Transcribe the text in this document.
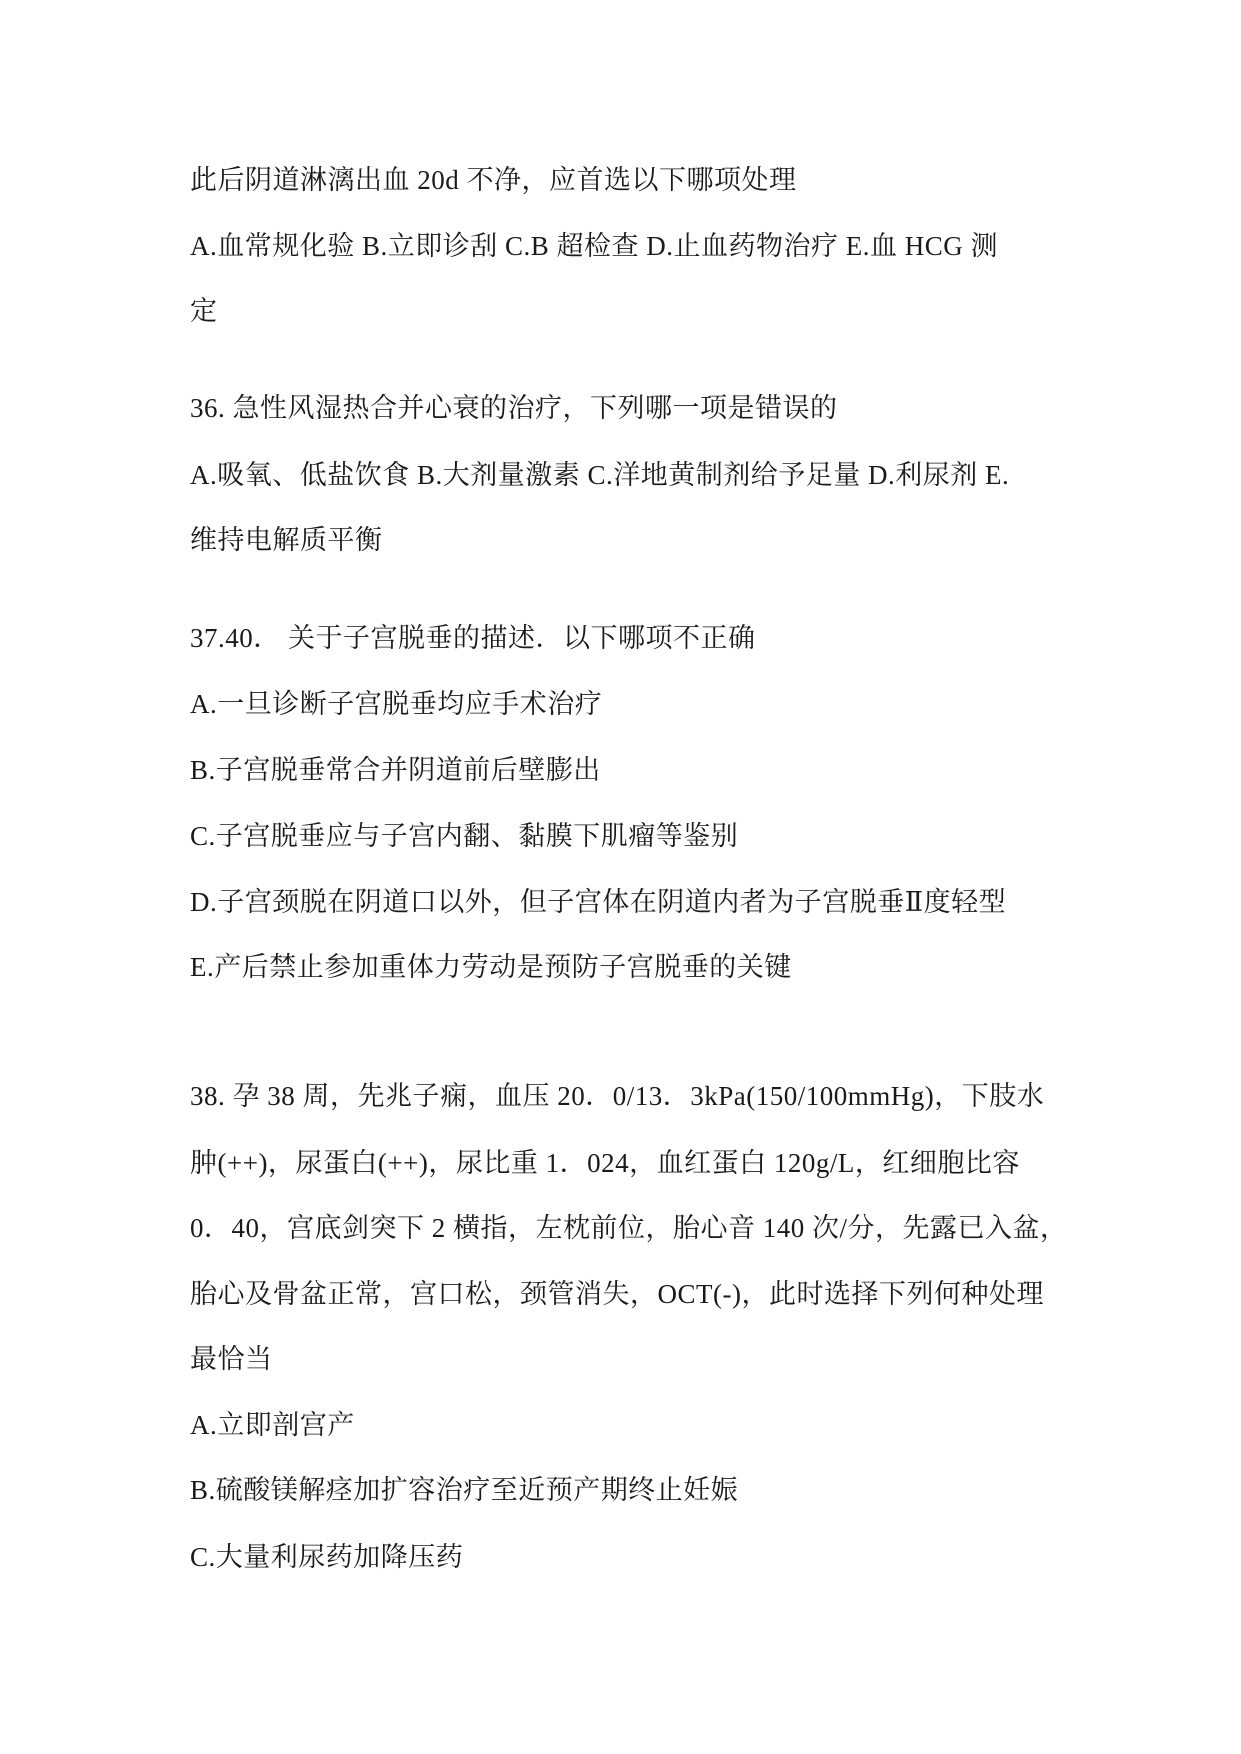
此后阴道淋漓出血 20d 不净，应首选以下哪项处理
A.血常规化验 B.立即诊刮 C.B 超检查 D.止血药物治疗 E.血 HCG 测
定
36. 急性风湿热合并心衰的治疗，下列哪一项是错误的
A.吸氧、低盐饮食 B.大剂量激素 C.洋地黄制剂给予足量 D.利尿剂 E.
维持电解质平衡
37.40． 关于子宫脱垂的描述．以下哪项不正确
A.一旦诊断子宫脱垂均应手术治疗
B.子宫脱垂常合并阴道前后壁膨出
C.子宫脱垂应与子宫内翻、黏膜下肌瘤等鉴别
D.子宫颈脱在阴道口以外，但子宫体在阴道内者为子宫脱垂Ⅱ度轻型
E.产后禁止参加重体力劳动是预防子宫脱垂的关键
38. 孕 38 周，先兆子痫，血压 20．0/13．3kPa(150/100mmHg)，下肢水
肿(++)，尿蛋白(++)，尿比重 1．024，血红蛋白 120g/L，红细胞比容
0．40，宫底剑突下 2 横指，左枕前位，胎心音 140 次/分，先露已入盆，
胎心及骨盆正常，宫口松，颈管消失，OCT(-)，此时选择下列何种处理
最恰当
A.立即剖宫产
B.硫酸镁解痉加扩容治疗至近预产期终止妊娠
C.大量利尿药加降压药
